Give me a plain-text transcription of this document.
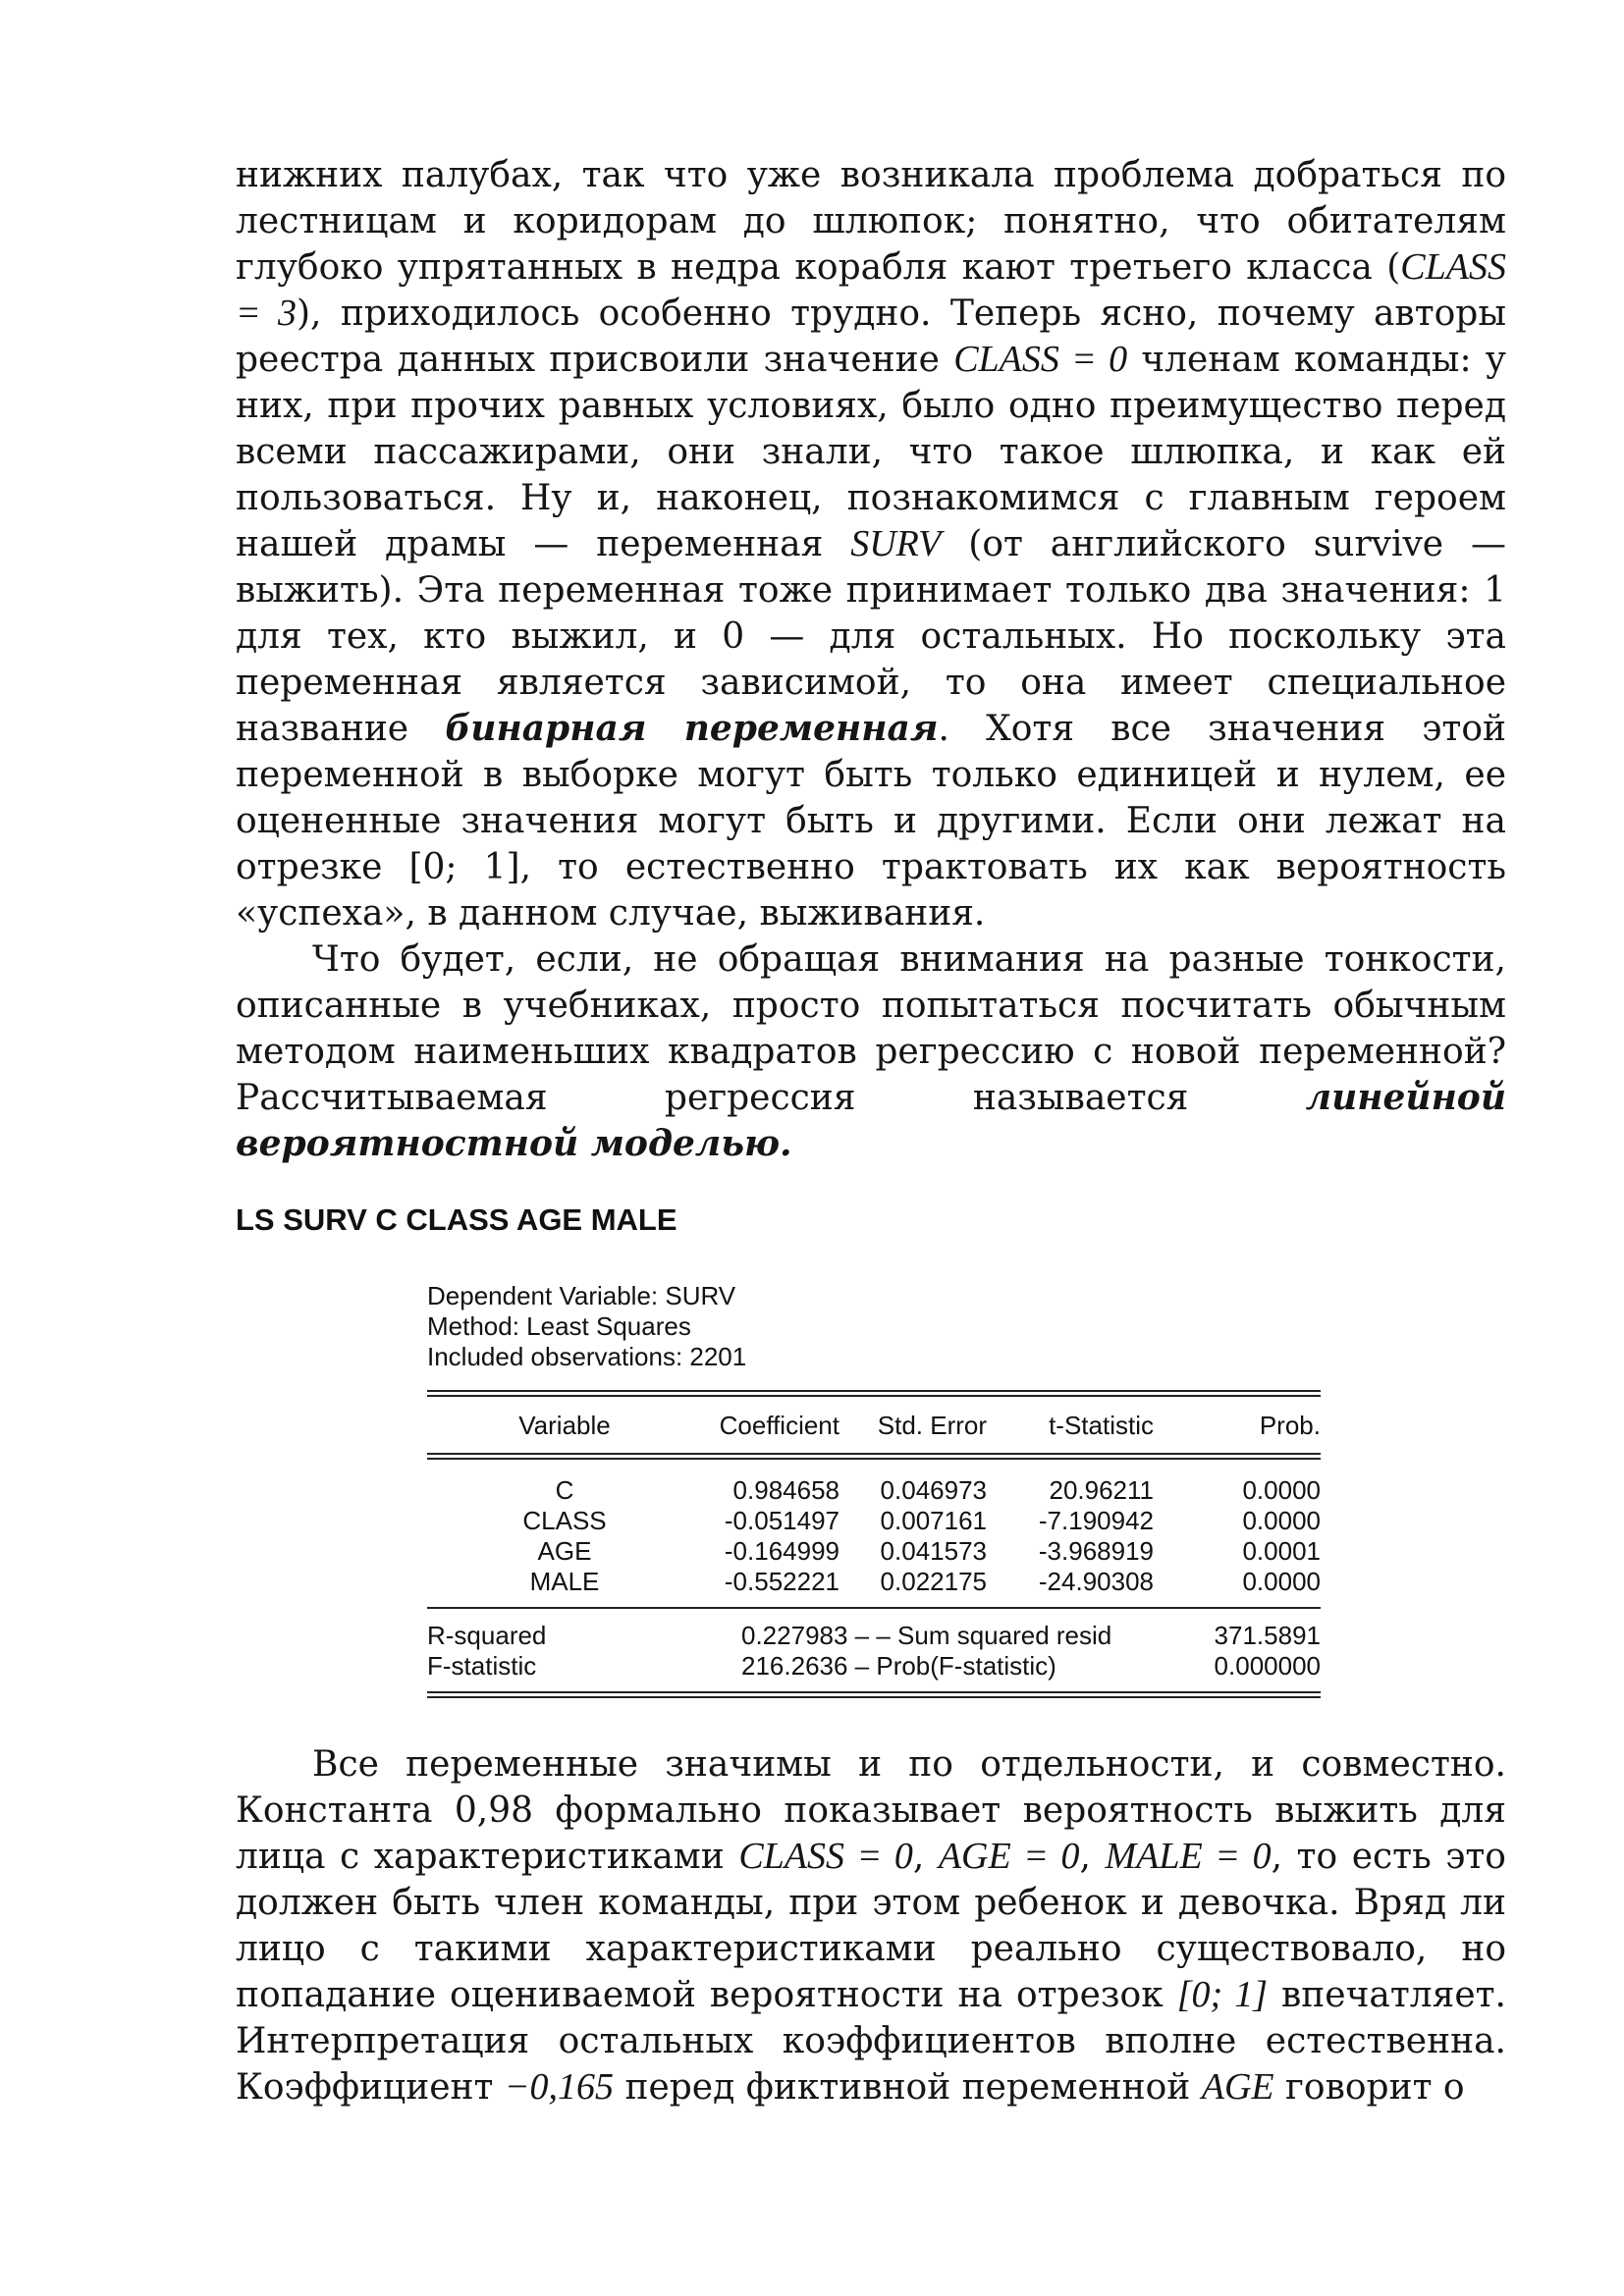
нижних палубах, так что уже возникала проблема добраться по лестницам и коридорам до шлюпок; понятно, что обитателям глубоко упрятанных в недра корабля кают третьего класса (CLASS = 3), приходилось особенно трудно. Теперь ясно, почему авторы реестра данных присвоили значение CLASS = 0 членам команды: у них, при прочих равных условиях, было одно преимущество перед всеми пассажирами, они знали, что такое шлюпка, и как ей пользоваться. Ну и, наконец, познакомимся с главным героем нашей драмы — переменная SURV (от английского survive — выжить). Эта переменная тоже принимает только два значения: 1 для тех, кто выжил, и 0 — для остальных. Но поскольку эта переменная является зависимой, то она имеет специальное название бинарная переменная. Хотя все значения этой переменной в выборке могут быть только единицей и нулем, ее оцененные значения могут быть и другими. Если они лежат на отрезке [0; 1], то естественно трактовать их как вероятность «успеха», в данном случае, выживания.

Что будет, если, не обращая внимания на разные тонкости, описанные в учебниках, просто попытаться посчитать обычным методом наименьших квадратов регрессию с новой переменной? Рассчитываемая регрессия называется линейной вероятностной моделью.

LS SURV C CLASS AGE MALE
Dependent Variable: SURV
Method: Least Squares
Included observations: 2201
Variable	Coefficient	Std. Error	t-Statistic	Prob.
C	0.984658	0.046973	20.96211	0.0000
CLASS	-0.051497	0.007161	-7.190942	0.0000
AGE	-0.164999	0.041573	-3.968919	0.0001
MALE	-0.552221	0.022175	-24.90308	0.0000
R-squared	0.227983 – – Sum squared resid	371.5891
F-statistic	216.2636 – Prob(F-statistic)	0.000000

Все переменные значимы и по отдельности, и совместно. Константа 0,98 формально показывает вероятность выжить для лица с характеристиками CLASS = 0, AGE = 0, MALE = 0, то есть это должен быть член команды, при этом ребенок и девочка. Вряд ли лицо с такими характеристиками реально существовало, но попадание оцениваемой вероятности на отрезок [0; 1] впечатляет. Интерпретация остальных коэффициентов вполне естественна. Коэффициент −0,165 перед фиктивной переменной AGE говорит о
